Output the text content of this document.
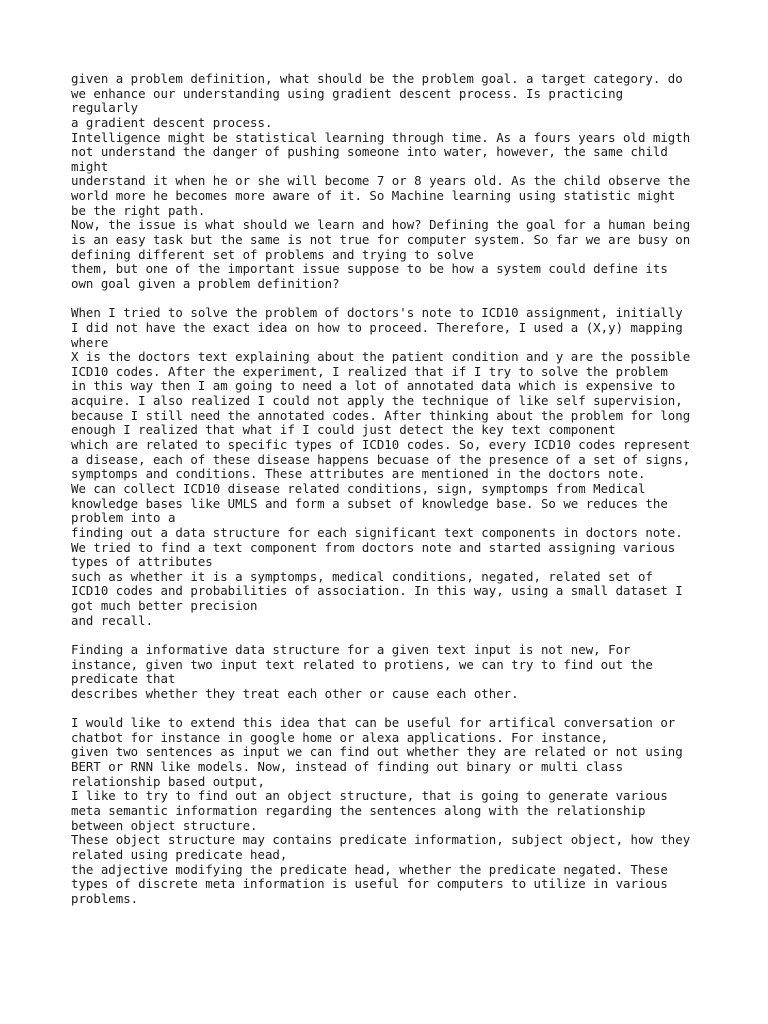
given a problem definition, what should be the problem goal. a target category. do
we enhance our understanding using gradient descent process. Is practicing
regularly
a gradient descent process.
Intelligence might be statistical learning through time. As a fours years old migth
not understand the danger of pushing someone into water, however, the same child
might
understand it when he or she will become 7 or 8 years old. As the child observe the
world more he becomes more aware of it. So Machine learning using statistic might
be the right path.
Now, the issue is what should we learn and how? Defining the goal for a human being
is an easy task but the same is not true for computer system. So far we are busy on
defining different set of problems and trying to solve
them, but one of the important issue suppose to be how a system could define its
own goal given a problem definition?
When I tried to solve the problem of doctors's note to ICD10 assignment, initially
I did not have the exact idea on how to proceed. Therefore, I used a (X,y) mapping
where
X is the doctors text explaining about the patient condition and y are the possible
ICD10 codes. After the experiment, I realized that if I try to solve the problem
in this way then I am going to need a lot of annotated data which is expensive to
acquire. I also realized I could not apply the technique of like self supervision,
because I still need the annotated codes. After thinking about the problem for long
enough I realized that what if I could just detect the key text component
which are related to specific types of ICD10 codes. So, every ICD10 codes represent
a disease, each of these disease happens becuase of the presence of a set of signs,
symptomps and conditions. These attributes are mentioned in the doctors note.
We can collect ICD10 disease related conditions, sign, symptomps from Medical
knowledge bases like UMLS and form a subset of knowledge base. So we reduces the
problem into a
finding out a data structure for each significant text components in doctors note.
We tried to find a text component from doctors note and started assigning various
types of attributes
such as whether it is a symptomps, medical conditions, negated, related set of
ICD10 codes and probabilities of association. In this way, using a small dataset I
got much better precision
and recall.
Finding a informative data structure for a given text input is not new, For
instance, given two input text related to protiens, we can try to find out the
predicate that
describes whether they treat each other or cause each other.
I would like to extend this idea that can be useful for artifical conversation or
chatbot for instance in google home or alexa applications. For instance,
given two sentences as input we can find out whether they are related or not using
BERT or RNN like models. Now, instead of finding out binary or multi class
relationship based output,
I like to try to find out an object structure, that is going to generate various
meta semantic information regarding the sentences along with the relationship
between object structure.
These object structure may contains predicate information, subject object, how they
related using predicate head,
the adjective modifying the predicate head, whether the predicate negated. These
types of discrete meta information is useful for computers to utilize in various
problems.
